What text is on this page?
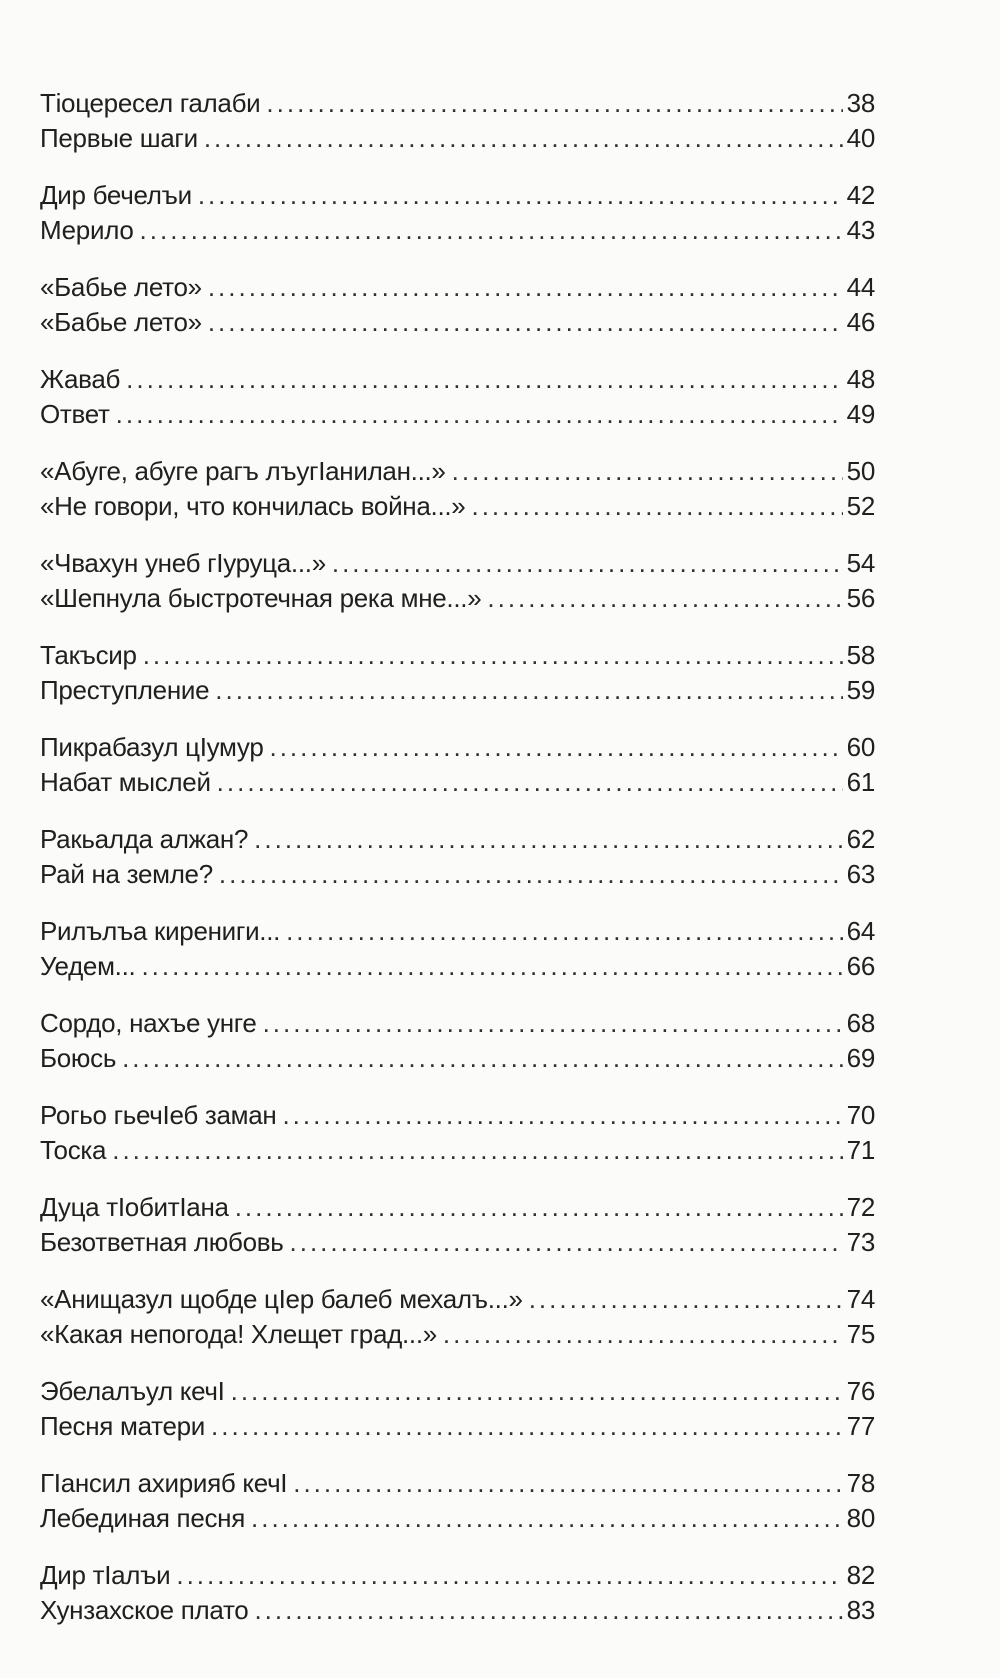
Тіоцересел галаби .....	38
Первые шаги .....	40
Дир бечелъи .....	42
Мерило .....	43
«Бабье лето» .....	44
«Бабье лето» .....	46
Жаваб .....	48
Ответ .....	49
«Абуге, абуге рагъ лъугІанилан...» .....	50
«Не говори, что кончилась война...» .....	52
«Чвахун унеб гІуруца...» .....	54
«Шепнула быстротечная река мне...» .....	56
Такъсир .....	58
Преступление .....	59
Пикрабазул цІумур .....	60
Набат мыслей .....	61
Ракьалда алжан? .....	62
Рай на земле? .....	63
Рилълъа кирениги... .....	64
Уедем... .....	66
Сордо, нахъе унге .....	68
Боюсь .....	69
Рогьо гьечІеб заман .....	70
Тоска .....	71
Дуца тІобитІана .....	72
Безответная любовь .....	73
«Анищазул щобде цІер балеб мехалъ...» .....	74
«Какая непогода! Хлещет град...» .....	75
Эбелалъул кечІ .....	76
Песня матери .....	77
ГІансил ахирияб кечІ .....	78
Лебединая песня .....	80
Дир тІалъи .....	82
Хунзахское плато .....	83
